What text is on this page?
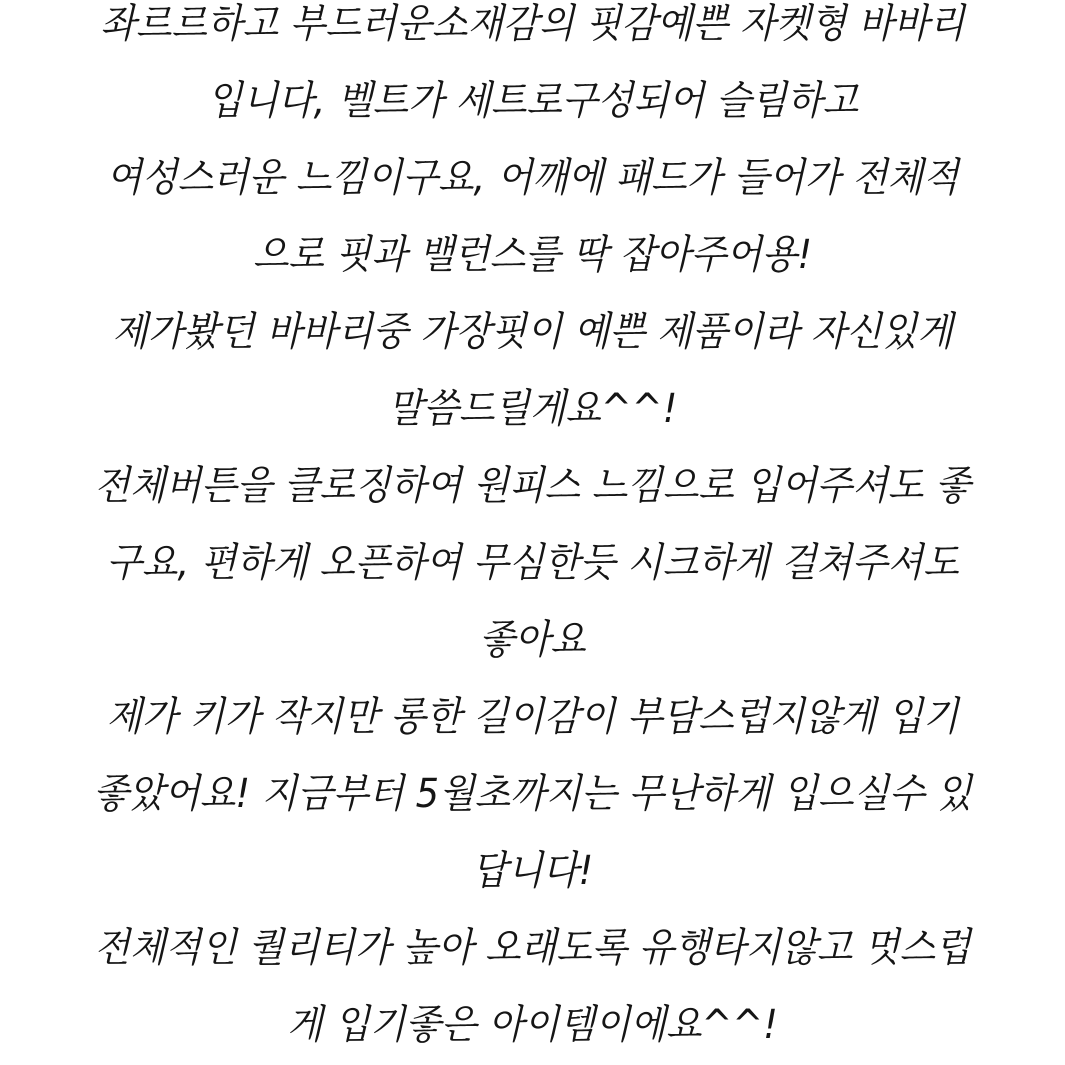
좌르르하고 부드러운소재감의 핏감예쁜 자켓형 바바리
입니다, 벨트가 세트로구성되어 슬림하고
여성스러운 느낌이구요, 어깨에 패드가 들어가 전체적
으로 핏과 밸런스를 딱 잡아주어용!
제가봤던 바바리중 가장핏이 예쁜 제품이라 자신있게
말씀드릴게요^^!
전체버튼을 클로징하여 원피스 느낌으로 입어주셔도 좋
구요, 편하게 오픈하여 무심한듯 시크하게 걸쳐주셔도
좋아요
제가 키가 작지만 롱한 길이감이 부담스럽지않게 입기
좋았어요! 지금부터 5월초까지는 무난하게 입으실수 있
답니다!
전체적인 퀄리티가 높아 오래도록 유행타지않고 멋스럽
게 입기좋은 아이템이에요^^!
